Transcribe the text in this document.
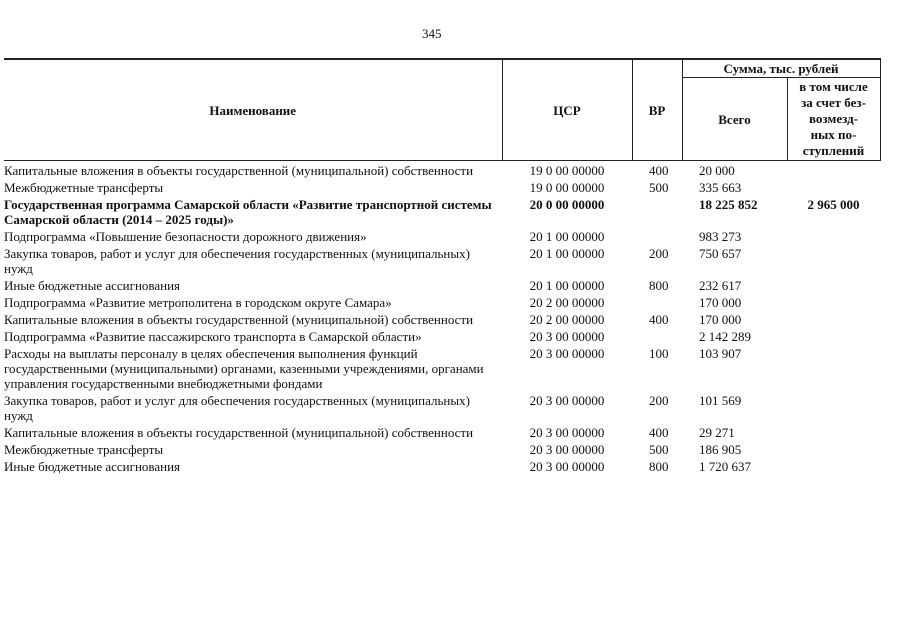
345
Наименование	ЦСР	ВР	Сумма, тыс. рублей	
			Всего	в том числе
за счет без-
возмезд-
ных по-
ступлений
Капитальные вложения в объекты государственной (муниципальной) собственности	19 0 00 00000	400	20 000	
Межбюджетные трансферты	19 0 00 00000	500	335 663	
Государственная программа Самарской области «Развитие транспортной системы Самарской области (2014 – 2025 годы)»	20 0 00 00000		18 225 852	2 965 000
Подпрограмма «Повышение безопасности дорожного движения»	20 1 00 00000		983 273	
Закупка товаров, работ и услуг для обеспечения государственных (муниципальных) нужд	20 1 00 00000	200	750 657	
Иные бюджетные ассигнования	20 1 00 00000	800	232 617	
Подпрограмма «Развитие метрополитена в городском округе Самара»	20 2 00 00000		170 000	
Капитальные вложения в объекты государственной (муниципальной) собственности	20 2 00 00000	400	170 000	
Подпрограмма «Развитие пассажирского транспорта в Самарской области»	20 3 00 00000		2 142 289	
Расходы на выплаты персоналу в целях обеспечения выполнения функций государственными (муниципальными) органами, казенными учреждениями, органами управления государственными внебюджетными фондами	20 3 00 00000	100	103 907	
Закупка товаров, работ и услуг для обеспечения государственных (муниципальных) нужд	20 3 00 00000	200	101 569	
Капитальные вложения в объекты государственной (муниципальной) собственности	20 3 00 00000	400	29 271	
Межбюджетные трансферты	20 3 00 00000	500	186 905	
Иные бюджетные ассигнования	20 3 00 00000	800	1 720 637	
